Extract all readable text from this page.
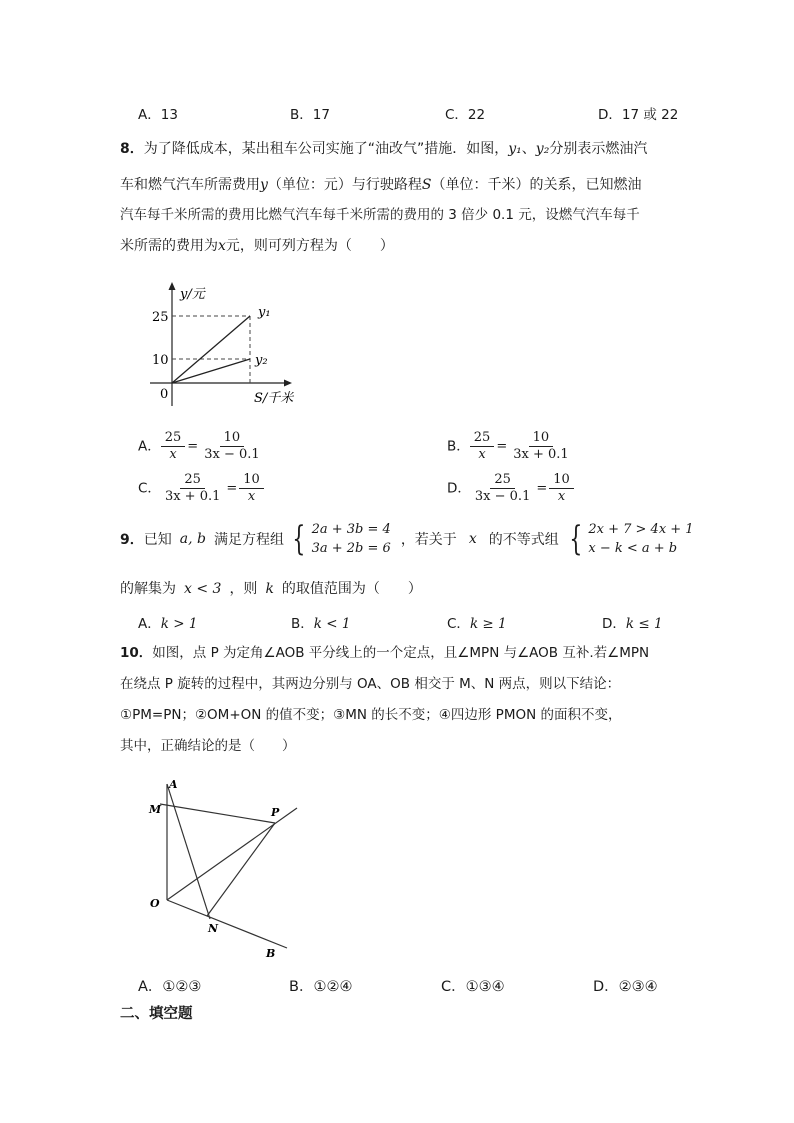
A．13	B．17	C．22	D．17 或 22
8．为了降低成本，某出租车公司实施了“油改气”措施．如图，y₁、y₂分别表示燃油汽
车和燃气汽车所需费用y（单位：元）与行驶路程S（单位：千米）的关系，已知燃油
汽车每千米所需的费用比燃气汽车每千米所需的费用的 3 倍少 0.1 元，设燃气汽车每千
米所需的费用为x元，则可列方程为（　　）
y/元
S/千米
0
25
10
y₁
y₂
A． $\frac{25}{x} = \frac{10}{3x - 0.1}$	B． $\frac{25}{x} = \frac{10}{3x + 0.1}$
C． $\frac{25}{3x + 0.1} = \frac{10}{x}$	D． $\frac{25}{3x - 0.1} = \frac{10}{x}$
9． 已知 a, b 满足方程组 { 2a + 3b = 4
3a + 2b = 6
，若关于 x 的不等式组 { 2x + 7 > 4x + 1
x − k < a + b
的解集为 x < 3 ，则 k 的取值范围为（　　）
A．k > 1	B．k < 1	C．k ≥ 1	D．k ≤ 1
10．如图，点 P 为定角∠AOB 平分线上的一个定点，且∠MPN 与∠AOB 互补.若∠MPN
在绕点 P 旋转的过程中，其两边分别与 OA、OB 相交于 M、N 两点，则以下结论：
①PM=PN；②OM+ON 的值不变；③MN 的长不变；④四边形 PMON 的面积不变，
其中，正确结论的是（　　）
A
M	P
O
N
B
A．①②③	B．①②④	C．①③④	D．②③④
二、填空题
